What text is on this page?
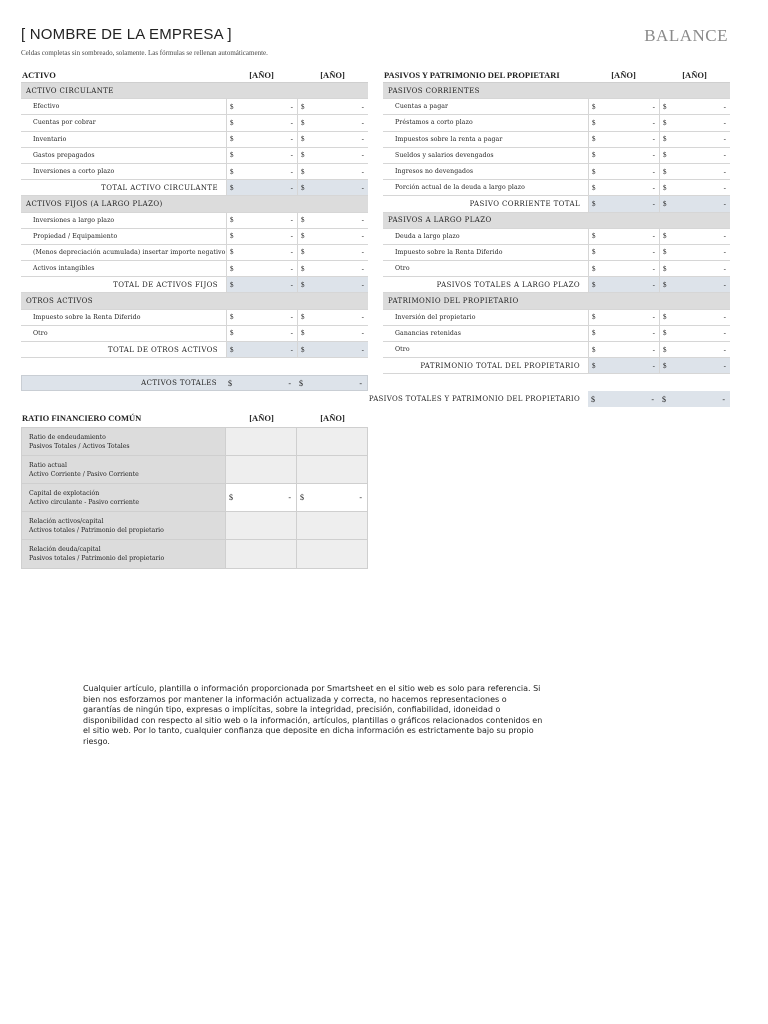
[ NOMBRE DE LA EMPRESA ]	BALANCE
Celdas completas sin sombreado, solamente. Las fórmulas se rellenan automáticamente.
ACTIVO	[AÑO]	[AÑO]
ACTIVO CIRCULANTE
Efectivo	$	- $	-
Cuentas por cobrar	$	- $	-
Inventario	$	- $	-
Gastos prepagados	$	- $	-
Inversiones a corto plazo	$	- $	-
TOTAL ACTIVO CIRCULANTE	$	- $	-
ACTIVOS FIJOS (A LARGO PLAZO)
Inversiones a largo plazo	$	- $	-
Propiedad / Equipamiento	$	- $	-
(Menos depreciación acumulada) insertar importe negativo $	- $	-
Activos intangibles	$	- $	-
TOTAL DE ACTIVOS FIJOS	$	- $	-
OTROS ACTIVOS
Impuesto sobre la Renta Diferido	$	- $	-
Otro	$	- $	-
TOTAL DE OTROS ACTIVOS	$	- $	-
ACTIVOS TOTALES	$	- $	-
PASIVOS Y PATRIMONIO DEL PROPIETARI	[AÑO]	[AÑO]
PASIVOS CORRIENTES
Cuentas a pagar	$	- $	-
Préstamos a corto plazo	$	- $	-
Impuestos sobre la renta a pagar	$	- $	-
Sueldos y salarios devengados	$	- $	-
Ingresos no devengados	$	- $	-
Porción actual de la deuda a largo plazo	$	- $	-
PASIVO CORRIENTE TOTAL	$	- $	-
PASIVOS A LARGO PLAZO
Deuda a largo plazo	$	- $	-
Impuesto sobre la Renta Diferido	$	- $	-
Otro	$	- $	-
PASIVOS TOTALES A LARGO PLAZO	$	- $	-
PATRIMONIO DEL PROPIETARIO
Inversión del propietario	$	- $	-
Ganancias retenidas	$	- $	-
Otro	$	- $	-
PATRIMONIO TOTAL DEL PROPIETARIO	$	- $	-
PASIVOS TOTALES Y PATRIMONIO DEL PROPIETARIO	$	- $	-
RATIO FINANCIERO COMÚN	[AÑO]	[AÑO]
Ratio de endeudamiento
Pasivos Totales / Activos Totales
Ratio actual
Activo Corriente / Pasivo Corriente
Capital de explotación
Activo circulante - Pasivo corriente	$	- $	-
Relación activos/capital
Activos totales / Patrimonio del propietario
Relación deuda/capital
Pasivos totales / Patrimonio del propietario
Cualquier artículo, plantilla o información proporcionada por Smartsheet en el sitio web es solo para referencia. Si bien nos esforzamos por mantener la información actualizada y correcta, no hacemos representaciones o garantías de ningún tipo, expresas o implícitas, sobre la integridad, precisión, confiabilidad, idoneidad o disponibilidad con respecto al sitio web o la información, artículos, plantillas o gráficos relacionados contenidos en el sitio web. Por lo tanto, cualquier confianza que deposite en dicha información es estrictamente bajo su propio riesgo.
